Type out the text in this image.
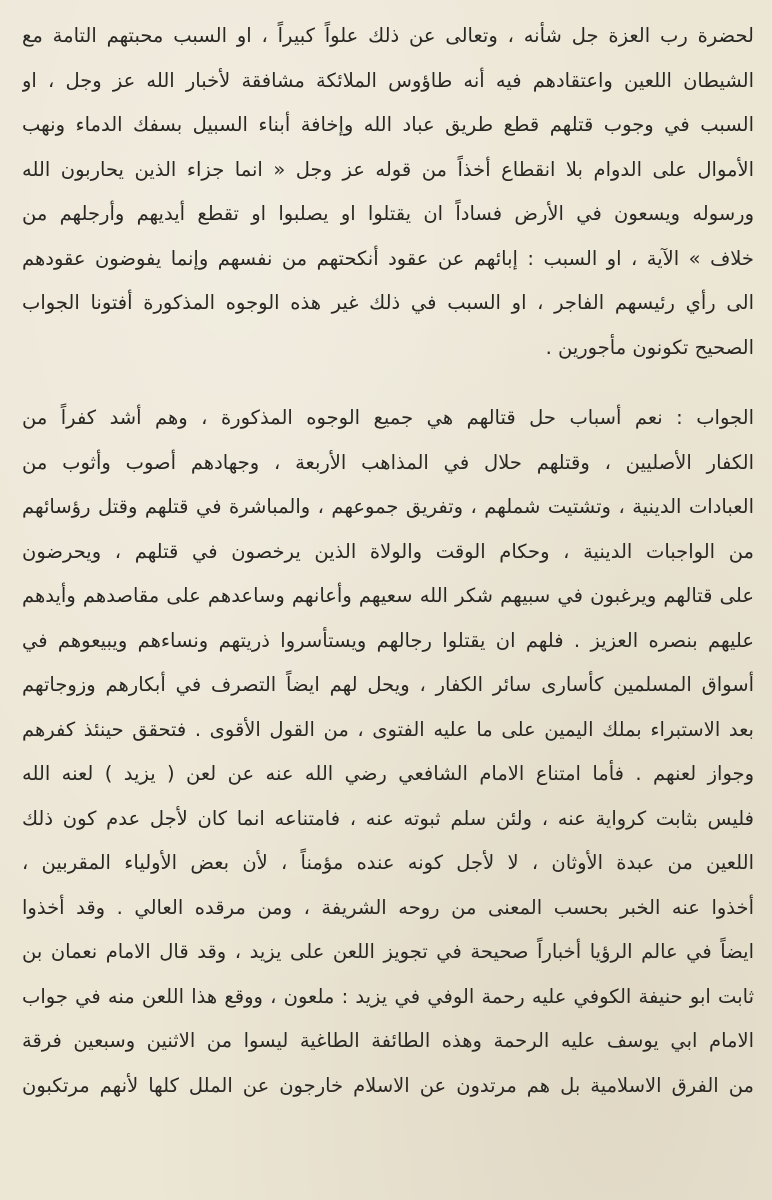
لحضرة رب العزة جل شأنه ، وتعالى عن ذلك علواً كبيراً ، او السبب محبتهم التامة مع
الشيطان اللعين واعتقادهم فيه أنه طاؤوس الملائكة مشافقة لأخبار الله عز وجل ، او
السبب في وجوب قتلهم قطع طريق عباد الله وإخافة أبناء السبيل بسفك الدماء ونهب
الأموال على الدوام بلا انقطاع أخذاً من قوله عز وجل « انما جزاء الذين يحاربون الله
ورسوله ويسعون في الأرض فساداً ان يقتلوا او يصلبوا او تقطع أيديهم وأرجلهم من
خلاف » الآية ، او السبب : إبائهم عن عقود أنكحتهم من نفسهم وإنما يفوضون عقودهم
الى رأي رئيسهم الفاجر ، او السبب في ذلك غير هذه الوجوه المذكورة أفتونا الجواب
الصحيح تكونون مأجورين .
الجواب : نعم أسباب حل قتالهم هي جميع الوجوه المذكورة ، وهم أشد كفراً من
الكفار الأصليين ، وقتلهم حلال في المذاهب الأربعة ، وجهادهم أصوب وأثوب من
العبادات الدينية ، وتشتيت شملهم ، وتفريق جموعهم ، والمباشرة في قتلهم وقتل رؤسائهم
من الواجبات الدينية ، وحكام الوقت والولاة الذين يرخصون في قتلهم ، ويحرضون
على قتالهم ويرغبون في سبيهم شكر الله سعيهم وأعانهم وساعدهم على مقاصدهم وأيدهم
عليهم بنصره العزيز . فلهم ان يقتلوا رجالهم ويستأسروا ذريتهم ونساءهم ويبيعوهم في
أسواق المسلمين كأسارى سائر الكفار ، ويحل لهم ايضاً التصرف في أبكارهم وزوجاتهم
بعد الاستبراء بملك اليمين على ما عليه الفتوى ، من القول الأقوى . فتحقق حينئذ كفرهم
وجواز لعنهم . فأما امتناع الامام الشافعي رضي الله عنه عن لعن ( يزيد ) لعنه الله
فليس بثابت كرواية عنه ، ولئن سلم ثبوته عنه ، فامتناعه انما كان لأجل عدم كون ذلك
اللعين من عبدة الأوثان ، لا لأجل كونه عنده مؤمناً ، لأن بعض الأولياء المقربين ،
أخذوا عنه الخبر بحسب المعنى من روحه الشريفة ، ومن مرقده العالي . وقد أخذوا
ايضاً في عالم الرؤيا أخباراً صحيحة في تجويز اللعن على يزيد ، وقد قال الامام نعمان بن
ثابت ابو حنيفة الكوفي عليه رحمة الوفي في يزيد : ملعون ، ووقع هذا اللعن منه في جواب
الامام ابي يوسف عليه الرحمة وهذه الطائفة الطاغية ليسوا من الاثنين وسبعين فرقة
من الفرق الاسلامية بل هم مرتدون عن الاسلام خارجون عن الملل كلها لأنهم مرتكبون
